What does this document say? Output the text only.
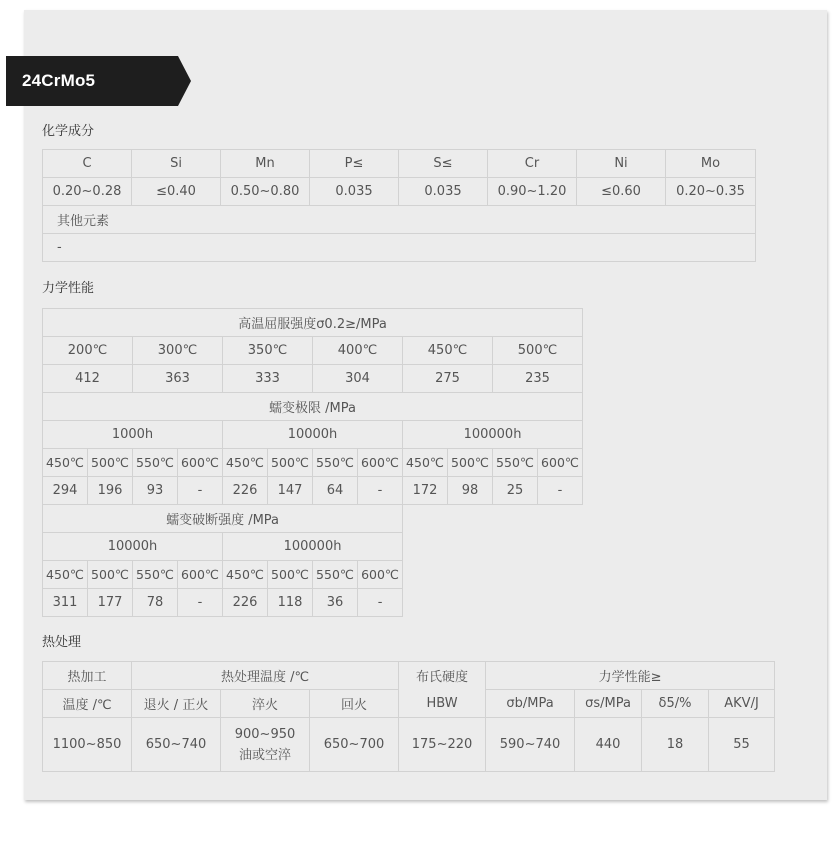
24CrMo5
化学成分
C	Si	Mn	P≤	S≤	Cr	Ni	Mo
0.20~0.28	≤0.40	0.50~0.80	0.035	0.035	0.90~1.20	≤0.60	0.20~0.35
其他元素							
-							
力学性能
高温屈服强度σ0.2≥/MPa											
200℃		300℃		350℃		400℃		450℃		500℃	
412		363		333		304		275		235	
蠕变极限 /MPa											
1000h				10000h				100000h			
450℃	500℃	550℃	600℃	450℃	500℃	550℃	600℃	450℃	500℃	550℃	600℃
294	196	93	-	226	147	64	-	172	98	25	-
蠕变破断强度 /MPa							
10000h				100000h			
450℃	500℃	550℃	600℃	450℃	500℃	550℃	600℃
311	177	78	-	226	118	36	-
热处理
热加工	热处理温度 /℃			布氏硬度	力学性能≥			
温度 /℃	退火 / 正火	淬火	回火	HBW	σb/MPa	σs/MPa	δ5/%	AKV/J
1100~850	650~740	900~950
油或空淬	650~700	175~220	590~740	440	18	55
